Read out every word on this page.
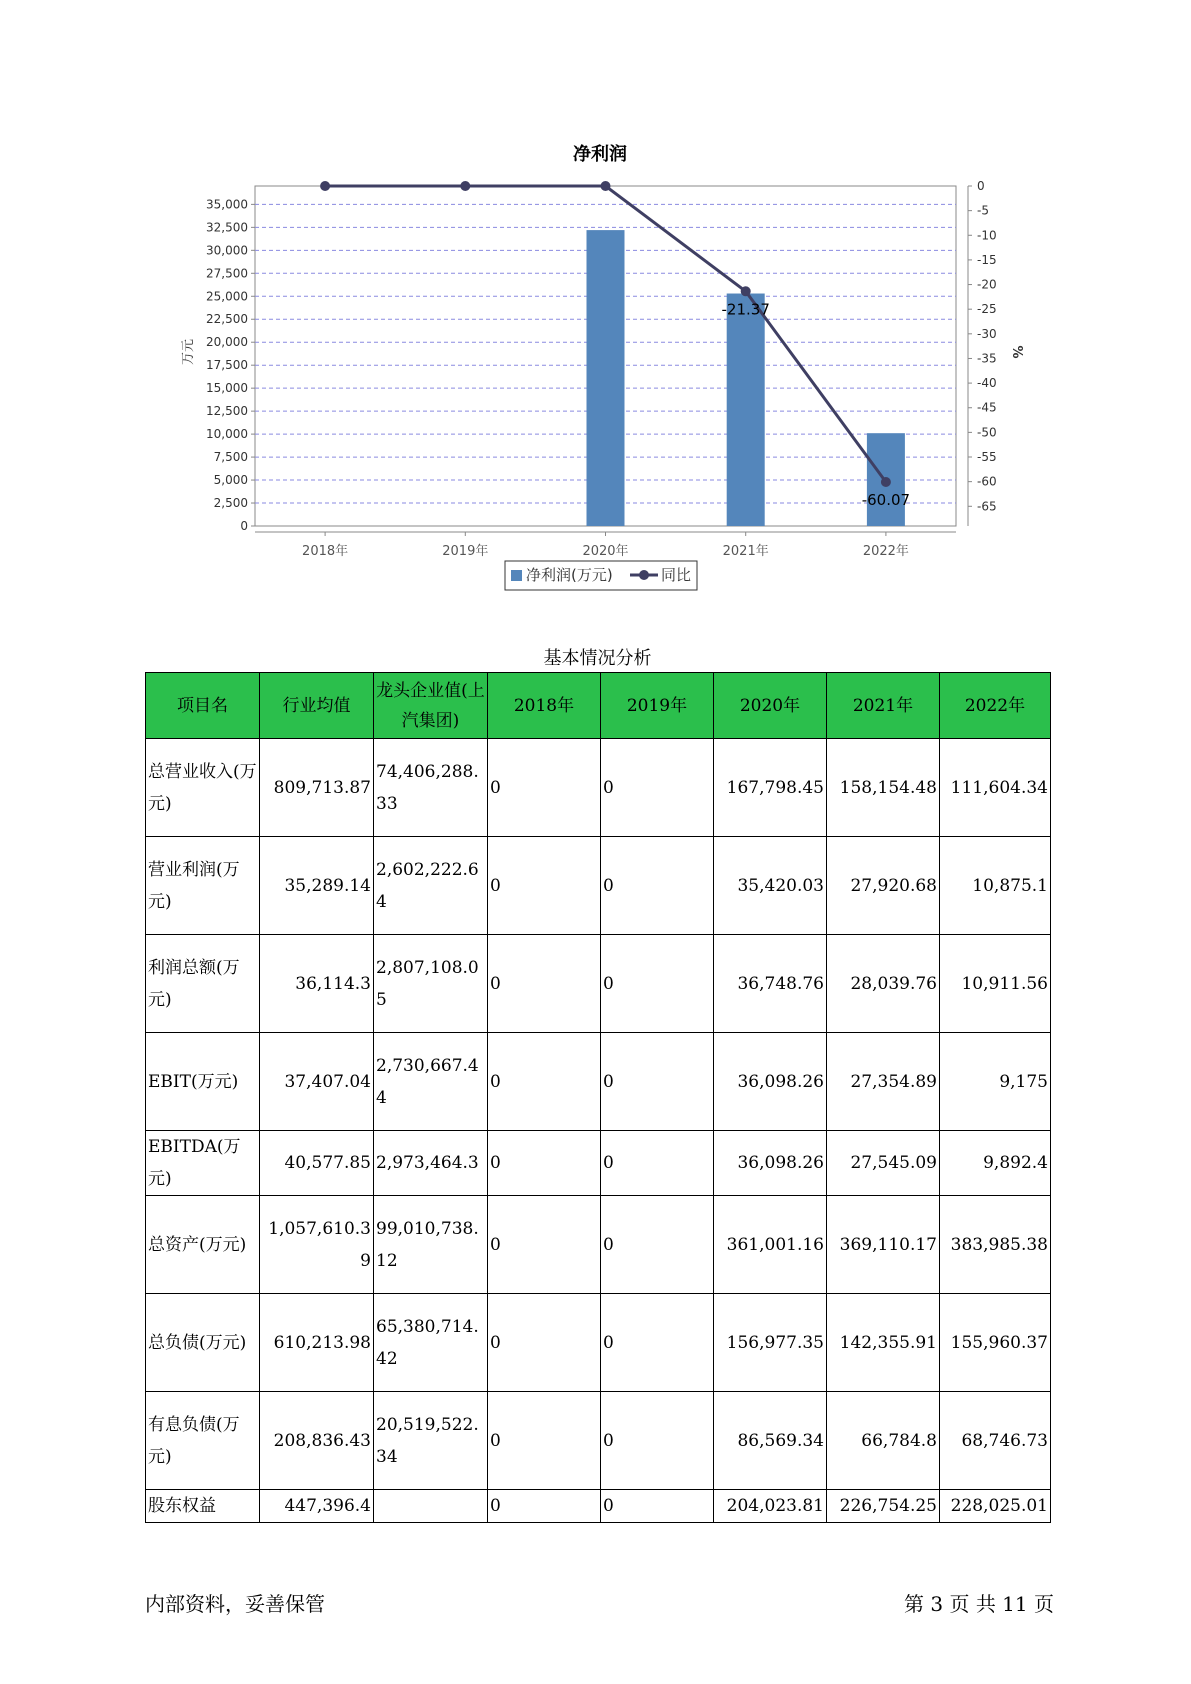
净利润
0
2,500
5,000
7,500
10,000
12,500
15,000
17,500
20,000
22,500
25,000
27,500
30,000
32,500
35,000
0
-5
-10
-15
-20
-25
-30
-35
-40
-45
-50
-55
-60
-65
2018年	2019年	2020年	2021年	2022年
-21.37
-60.07
万元	%
净利润(万元)	同比
基本情况分析
项目名	行业均值	龙头企业值(上汽集团)	2018年	2019年	2020年	2021年	2022年
总营业收入(万元)	809,713.87	74,406,288.33	0	0	167,798.45	158,154.48	111,604.34
营业利润(万元)	35,289.14	2,602,222.64	0	0	35,420.03	27,920.68	10,875.1
利润总额(万元)	36,114.3	2,807,108.05	0	0	36,748.76	28,039.76	10,911.56
EBIT(万元)	37,407.04	2,730,667.44	0	0	36,098.26	27,354.89	9,175
EBITDA(万元)	40,577.85	2,973,464.3	0	0	36,098.26	27,545.09	9,892.4
总资产(万元)	1,057,610.39	99,010,738.12	0	0	361,001.16	369,110.17	383,985.38
总负债(万元)	610,213.98	65,380,714.42	0	0	156,977.35	142,355.91	155,960.37
有息负债(万元)	208,836.43	20,519,522.34	0	0	86,569.34	66,784.8	68,746.73
股东权益	447,396.4		0	0	204,023.81	226,754.25	228,025.01
内部资料，妥善保管	第 3 页 共 11 页
